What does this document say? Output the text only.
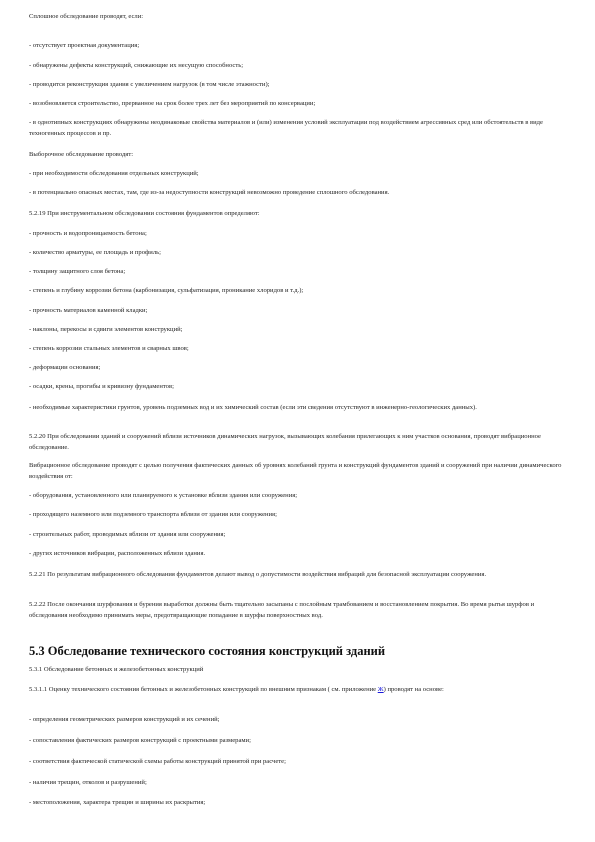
Сплошное обследование проводят, если:

- отсутствует проектная документация;

- обнаружены дефекты конструкций, снижающие их несущую способность;

- проводится реконструкция здания с увеличением нагрузок (в том числе этажности);

- возобновляется строительство, прерванное на срок более трех лет без мероприятий по консервации;

- в однотипных конструкциях обнаружены неодинаковые свойства материалов и (или) изменения условий эксплуатации под воздействием агрессивных сред или обстоятельств в виде техногенных процессов и пр.

Выборочное обследование проводят:

- при необходимости обследования отдельных конструкций;

- в потенциально опасных местах, там, где из-за недоступности конструкций невозможно проведение сплошного обследования.

5.2.19 При инструментальном обследовании состояния фундаментов определяют:

- прочность и водопроницаемость бетона;

- количество арматуры, ее площадь и профиль;

- толщину защитного слоя бетона;

- степень и глубину коррозии бетона (карбонизация, сульфатизация, проникание хлоридов и т.д.);

- прочность материалов каменной кладки;

- наклоны, перекосы и сдвиги элементов конструкций;

- степень коррозии стальных элементов и сварных швов;

- деформации основания;

- осадки, крены, прогибы и кривизну фундаментов;

- необходимые характеристики грунтов, уровень подземных вод и их химический состав (если эти сведения отсутствуют в инженерно-геологических данных).

5.2.20 При обследовании зданий и сооружений вблизи источников динамических нагрузок, вызывающих колебания прилегающих к ним участков основания, проводят вибрационное обследование.

Вибрационное обследование проводят с целью получения фактических данных об уровнях колебаний грунта и конструкций фундаментов зданий и сооружений при наличии динамического воздействия от:

- оборудования, установленного или планируемого к установке вблизи здания или сооружения;

- проходящего наземного или подземного транспорта вблизи от здания или сооружения;

- строительных работ, проводимых вблизи от здания или сооружения;

- других источников вибрации, расположенных вблизи здания.

5.2.21 По результатам вибрационного обследования фундаментов делают вывод о допустимости воздействия вибраций для безопасной эксплуатации сооружения.

5.2.22 После окончания шурфования и бурения выработки должны быть тщательно засыпаны с послойным трамбованием и восстановлением покрытия. Во время рытья шурфов и обследования необходимо принимать меры, предотвращающие попадание в шурфы поверхностных вод.

5.3 Обследование технического состояния конструкций зданий

5.3.1 Обследование бетонных и железобетонных конструкций

5.3.1.1 Оценку технического состояния бетонных и железобетонных конструкций по внешним признакам ( см. приложение Ж) проводят на основе:

- определения геометрических размеров конструкций и их сечений;

- сопоставления фактических размеров конструкций с проектными размерами;

- соответствия фактической статической схемы работы конструкций принятой при расчете;

- наличия трещин, отколов и разрушений;

- местоположения, характера трещин и ширины их раскрытия;
